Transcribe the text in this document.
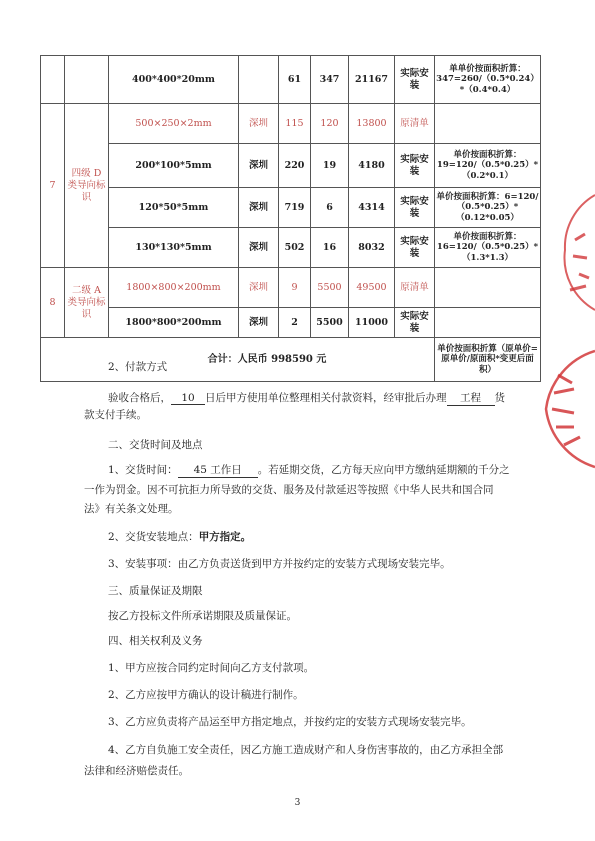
		400*400*20mm		61	347	21167	实际安装	单单价按面积折算：347=260/（0.5*0.24）*（0.4*0.4）
7	四级 D 类导向标识	500×250×2mm	深圳	115	120	13800	原清单	
		200*100*5mm	深圳	220	19	4180	实际安装	单价按面积折算：19=120/（0.5*0.25）*（0.2*0.1）
		120*50*5mm	深圳	719	6	4314	实际安装	单价按面积折算：6=120/（0.5*0.25）*（0.12*0.05）
		130*130*5mm	深圳	502	16	8032	实际安装	单价按面积折算：16=120/（0.5*0.25）*（1.3*1.3）
8	二级 A 类导向标识	1800×800×200mm	深圳	9	5500	49500	原清单	
		1800*800*200mm	深圳	2	5500	11000	实际安装	
合计：人民币 998590 元								单价按面积折算（原单价=原单价/原面积*变更后面积）
2、付款方式
验收合格后， 10 日后甲方使用单位整理相关付款资料，经审批后办理 工程 货
款支付手续。
二、交货时间及地点
1、交货时间： 45 工作日 。若延期交货，乙方每天应向甲方缴纳延期额的千分之
一作为罚金。因不可抗拒力所导致的交货、服务及付款延迟等按照《中华人民共和国合同
法》有关条文处理。
2、交货安装地点：甲方指定。
3、安装事项：由乙方负责送货到甲方并按约定的安装方式现场安装完毕。
三、质量保证及期限
按乙方投标文件所承诺期限及质量保证。
四、相关权利及义务
1、甲方应按合同约定时间向乙方支付款项。
2、乙方应按甲方确认的设计稿进行制作。
3、乙方应负责将产品运至甲方指定地点，并按约定的安装方式现场安装完毕。
4、乙方自负施工安全责任，因乙方施工造成财产和人身伤害事故的，由乙方承担全部
法律和经济赔偿责任。
3
